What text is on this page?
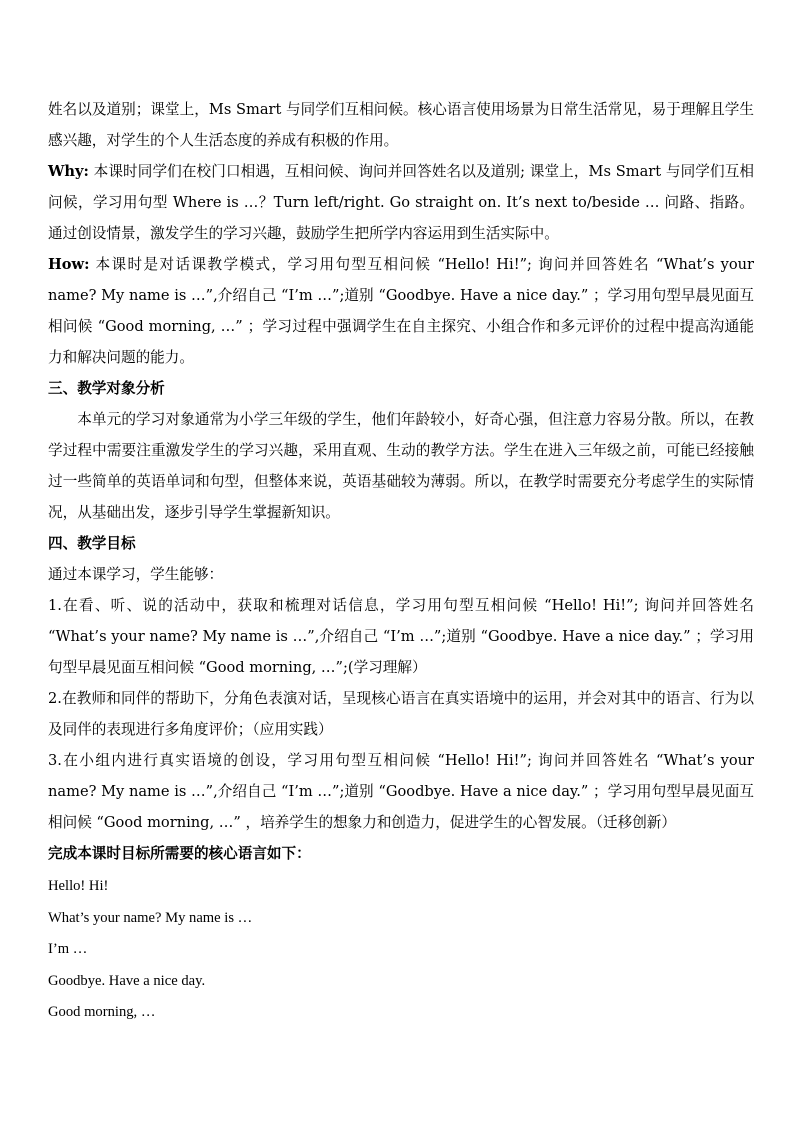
姓名以及道别；课堂上，Ms Smart 与同学们互相问候。核心语言使用场景为日常生活常见，易于理解且学生感兴趣，对学生的个人生活态度的养成有积极的作用。

Why: 本课时同学们在校门口相遇，互相问候、询问并回答姓名以及道别; 课堂上，Ms Smart 与同学们互相问候，学习用句型 Where is …？Turn left/right. Go straight on. It’s next to/beside … 问路、指路。通过创设情景，激发学生的学习兴趣，鼓励学生把所学内容运用到生活实际中。

How: 本课时是对话课教学模式，学习用句型互相问候 “Hello! Hi!”; 询问并回答姓名 “What’s your name? My name is …”,介绍自己 “I’m …”;道别 “Goodbye. Have a nice day.” ；学习用句型早晨见面互相问候 “Good morning, …” ；学习过程中强调学生在自主探究、小组合作和多元评价的过程中提高沟通能力和解决问题的能力。

三、教学对象分析

本单元的学习对象通常为小学三年级的学生，他们年龄较小，好奇心强，但注意力容易分散。所以，在教学过程中需要注重激发学生的学习兴趣，采用直观、生动的教学方法。学生在进入三年级之前，可能已经接触过一些简单的英语单词和句型，但整体来说，英语基础较为薄弱。所以，在教学时需要充分考虑学生的实际情况，从基础出发，逐步引导学生掌握新知识。

四、教学目标

通过本课学习，学生能够：

1.在看、听、说的活动中，获取和梳理对话信息，学习用句型互相问候 “Hello! Hi!”; 询问并回答姓名 “What’s your name? My name is …”,介绍自己 “I’m …”;道别 “Goodbye. Have a nice day.” ；学习用句型早晨见面互相问候 “Good morning, …”;(学习理解）

2.在教师和同伴的帮助下，分角色表演对话，呈现核心语言在真实语境中的运用，并会对其中的语言、行为以及同伴的表现进行多角度评价；（应用实践）

3.在小组内进行真实语境的创设，学习用句型互相问候 “Hello! Hi!”; 询问并回答姓名 “What’s your name? My name is …”,介绍自己 “I’m …”;道别 “Goodbye. Have a nice day.” ；学习用句型早晨见面互相问候 “Good morning, …” ，培养学生的想象力和创造力，促进学生的心智发展。（迁移创新）

完成本课时目标所需要的核心语言如下：

Hello! Hi!

What’s your name? My name is …

I’m …

Goodbye. Have a nice day.

Good morning, …
